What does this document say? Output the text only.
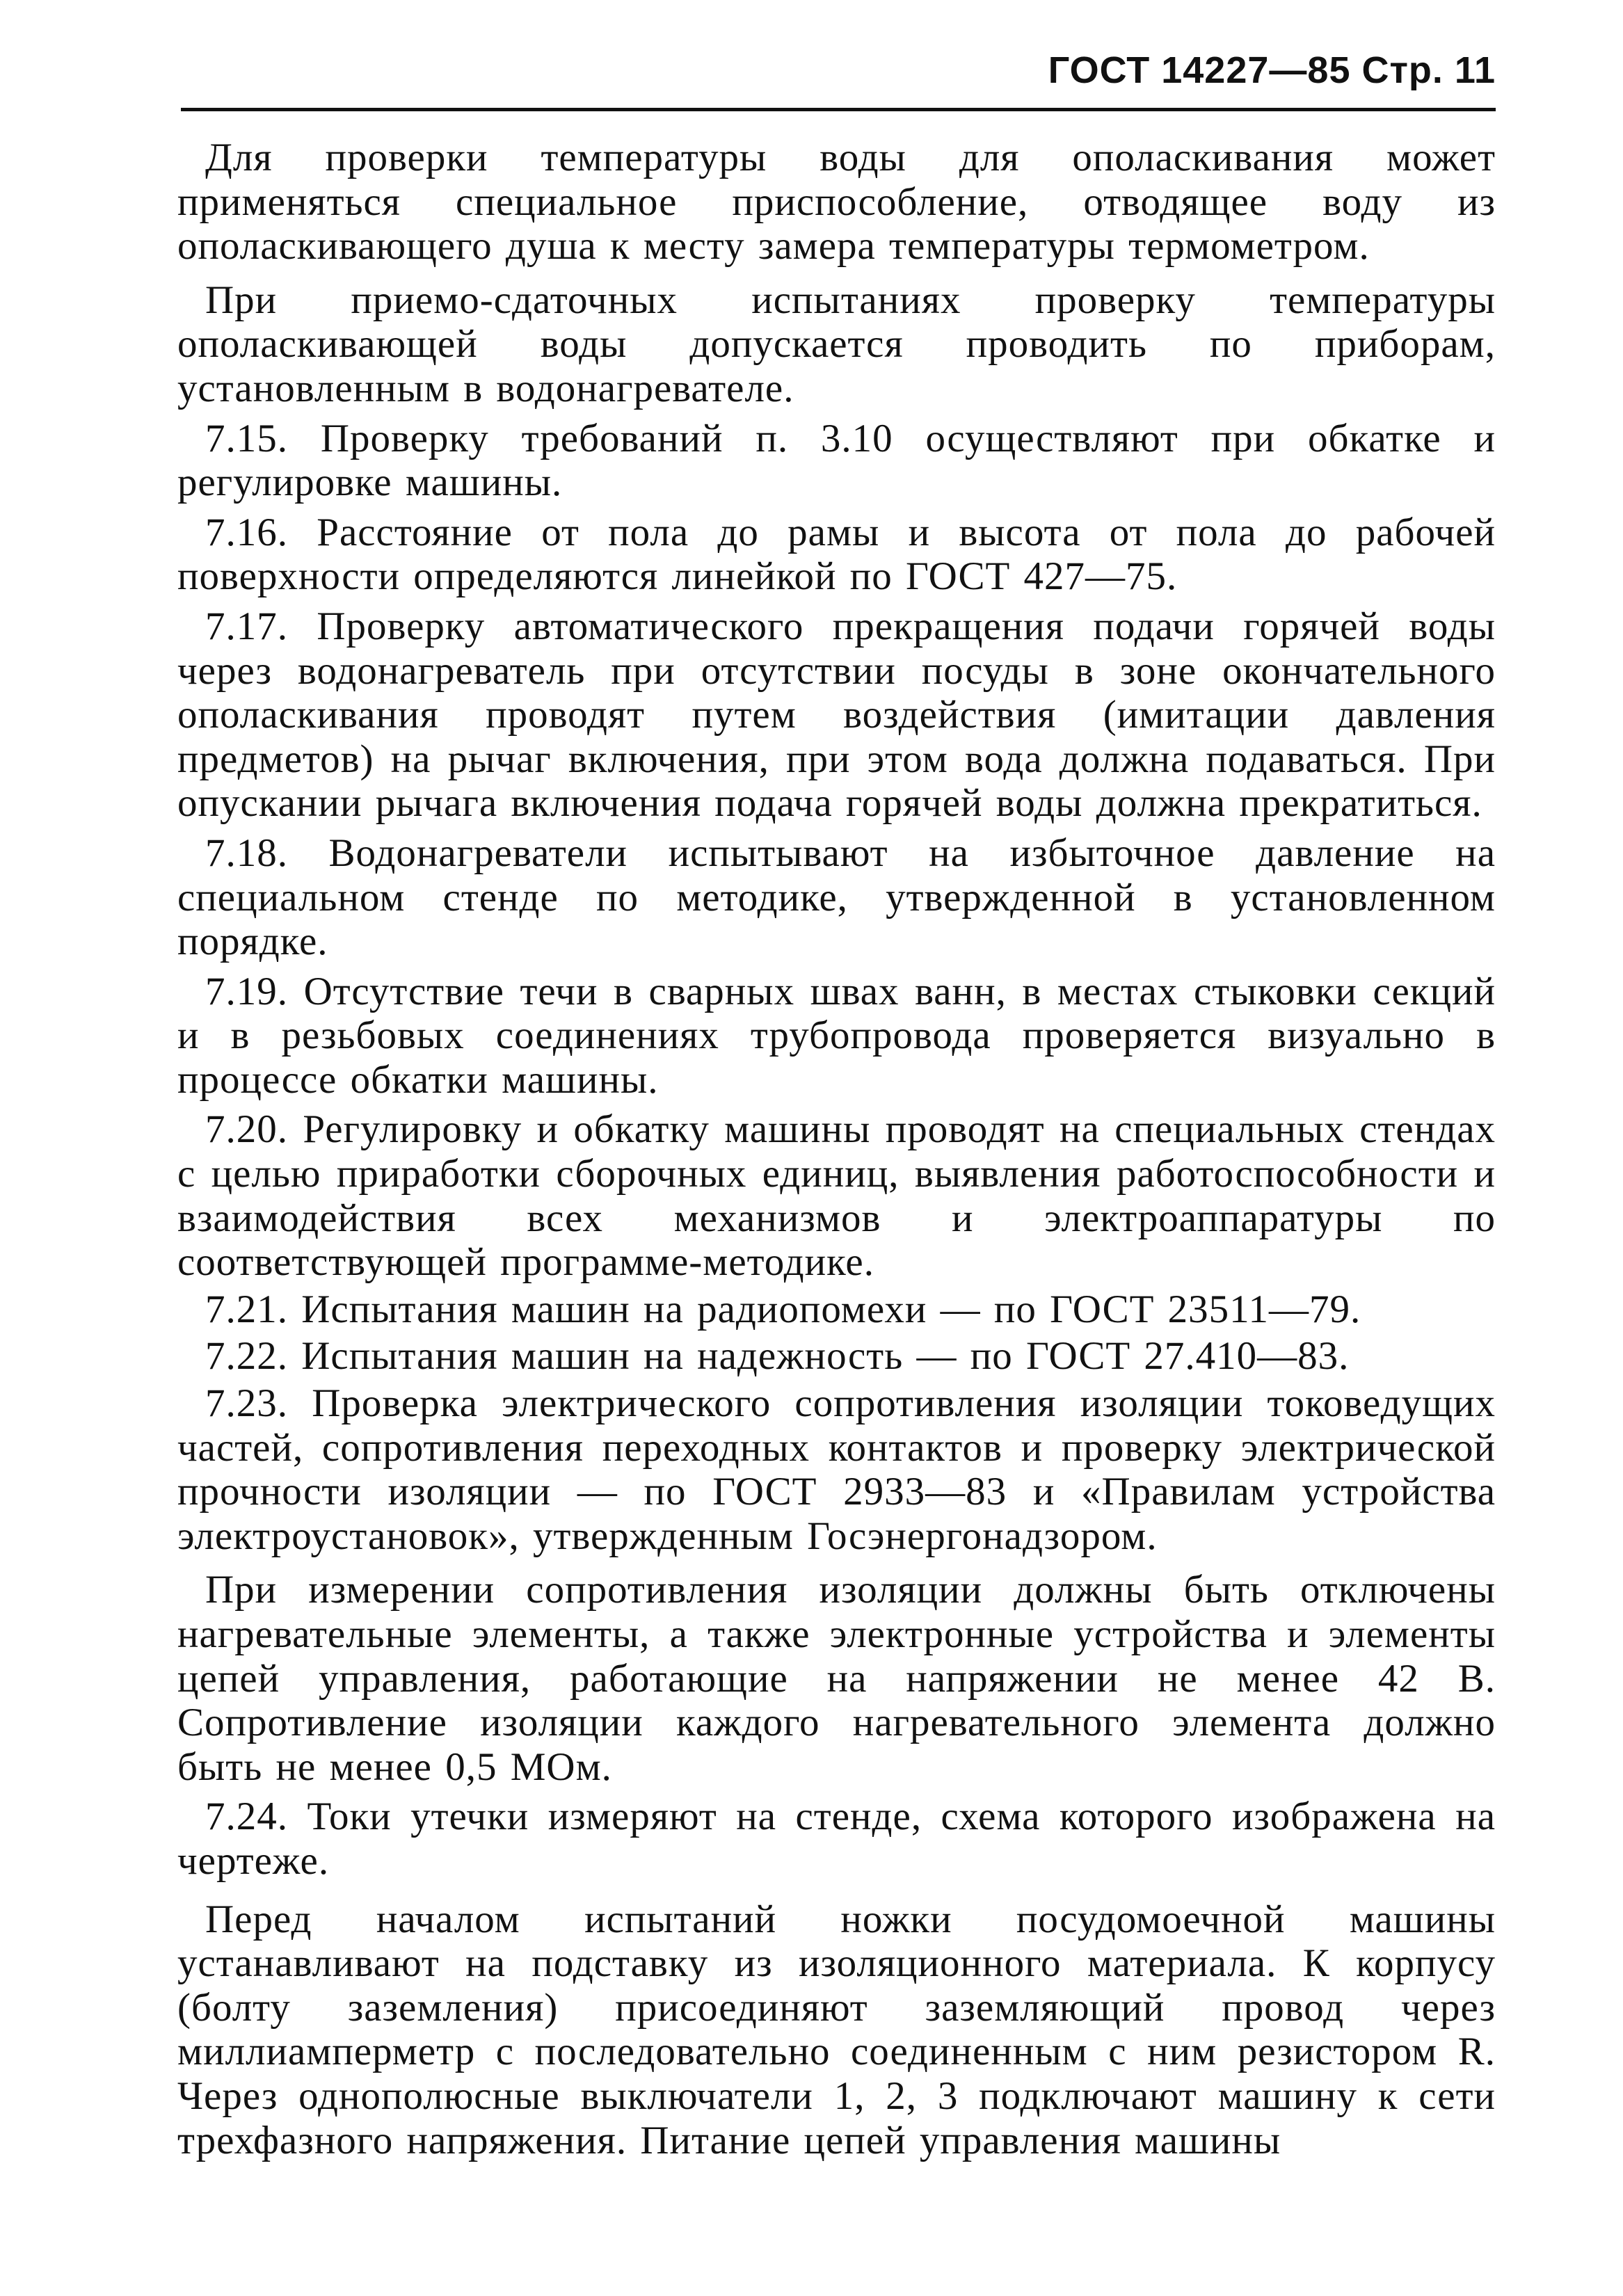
ГОСТ 14227—85 Стр. 11

Для проверки температуры воды для ополаскивания может применяться специальное приспособление, отводящее воду из ополаскивающего душа к месту замера температуры термометром.

При приемо-сдаточных испытаниях проверку температуры ополаскивающей воды допускается проводить по приборам, установленным в водонагревателе.

7.15. Проверку требований п. 3.10 осуществляют при обкатке и регулировке машины.

7.16. Расстояние от пола до рамы и высота от пола до рабочей поверхности определяются линейкой по ГОСТ 427—75.

7.17. Проверку автоматического прекращения подачи горячей воды через водонагреватель при отсутствии посуды в зоне окончательного ополаскивания проводят путем воздействия (имитации давления предметов) на рычаг включения, при этом вода должна подаваться. При опускании рычага включения подача горячей воды должна прекратиться.

7.18. Водонагреватели испытывают на избыточное давление на специальном стенде по методике, утвержденной в установленном порядке.

7.19. Отсутствие течи в сварных швах ванн, в местах стыковки секций и в резьбовых соединениях трубопровода проверяется визуально в процессе обкатки машины.

7.20. Регулировку и обкатку машины проводят на специальных стендах с целью приработки сборочных единиц, выявления работоспособности и взаимодействия всех механизмов и электроаппаратуры по соответствующей программе-методике.

7.21. Испытания машин на радиопомехи — по ГОСТ 23511—79.

7.22. Испытания машин на надежность — по ГОСТ 27.410—83.

7.23. Проверка электрического сопротивления изоляции токоведущих частей, сопротивления переходных контактов и проверку электрической прочности изоляции — по ГОСТ 2933—83 и «Правилам устройства электроустановок», утвержденным Госэнергонадзором.

При измерении сопротивления изоляции должны быть отключены нагревательные элементы, а также электронные устройства и элементы цепей управления, работающие на напряжении не менее 42 В. Сопротивление изоляции каждого нагревательного элемента должно быть не менее 0,5 МОм.

7.24. Токи утечки измеряют на стенде, схема которого изображена на чертеже.

Перед началом испытаний ножки посудомоечной машины устанавливают на подставку из изоляционного материала. К корпусу (болту заземления) присоединяют заземляющий провод через миллиамперметр с последовательно соединенным с ним резистором R. Через однополюсные выключатели 1, 2, 3 подключают машину к сети трехфазного напряжения. Питание цепей управления машины
